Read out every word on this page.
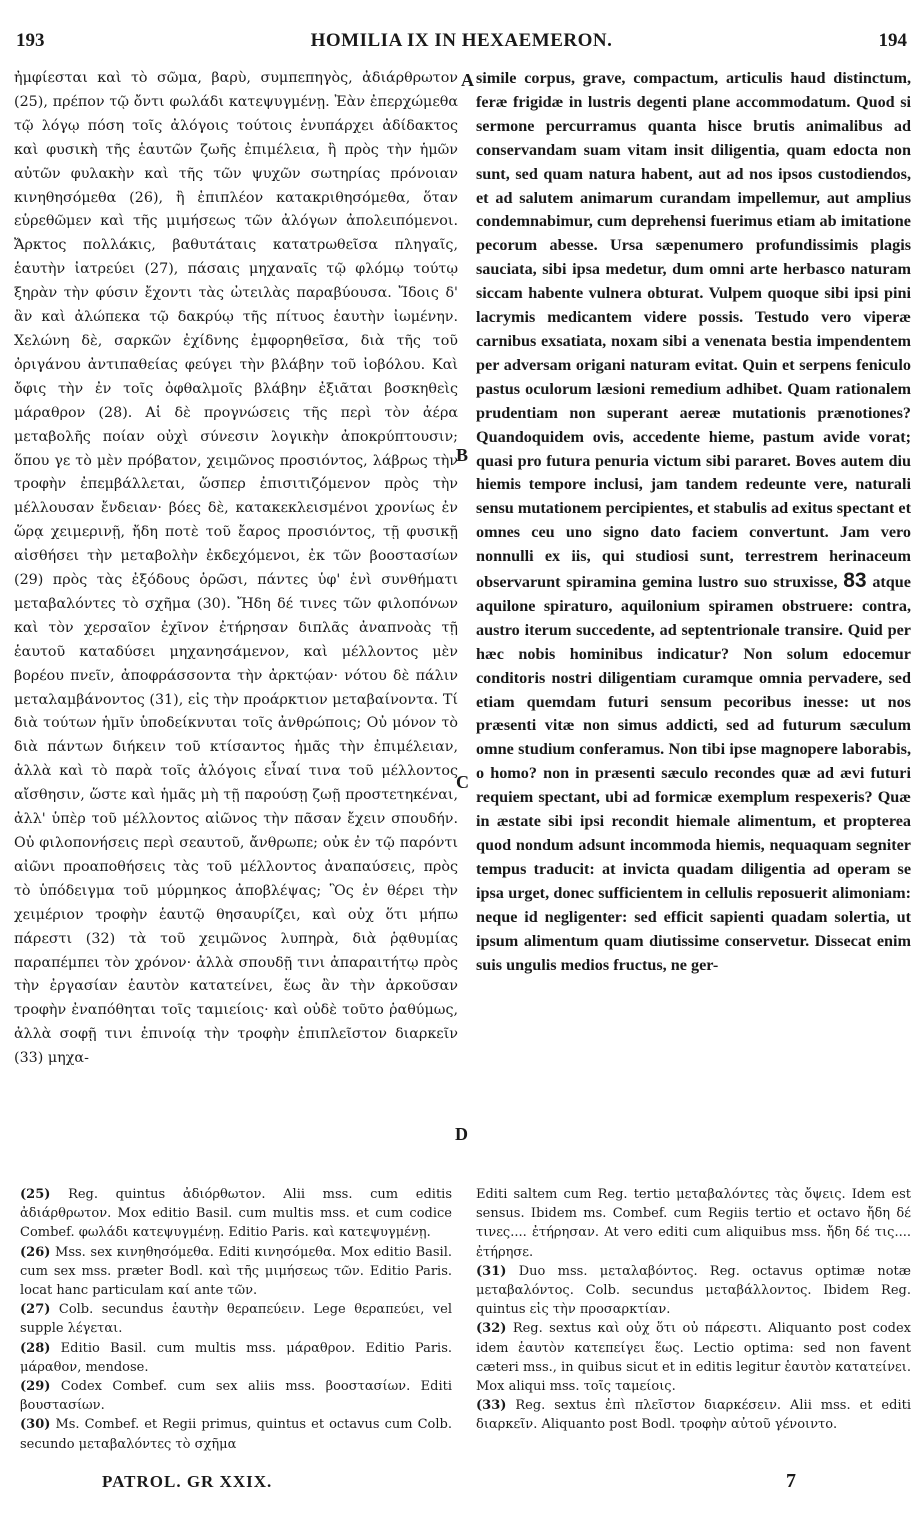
193	HOMILIA IX IN HEXAEMERON.	194
ἠμφίεσται καὶ τὸ σῶμα, βαρὺ, συμπεπηγὸς, ἀδιάρθρωτον (25), πρέπον τῷ ὄντι φωλάδι κατεψυγμένῃ. Ἐὰν ἐπερχώμεθα τῷ λόγῳ πόση τοῖς ἀλόγοις τούτοις ἐνυπάρχει ἀδίδακτος καὶ φυσικὴ τῆς ἑαυτῶν ζωῆς ἐπιμέλεια, ἢ πρὸς τὴν ἡμῶν αὐτῶν φυλακὴν καὶ τῆς τῶν ψυχῶν σωτηρίας πρόνοιαν κινηθησόμεθα (26), ἢ ἐπιπλέον κατακριθησόμεθα, ὅταν εὑρεθῶμεν καὶ τῆς μιμήσεως τῶν ἀλόγων ἀπολειπόμενοι. Ἄρκτος πολλάκις, βαθυτάταις κατατρωθεῖσα πληγαῖς, ἑαυτὴν ἰατρεύει (27), πάσαις μηχαναῖς τῷ φλόμῳ τούτῳ ξηρὰν τὴν φύσιν ἔχοντι τὰς ὠτειλὰς παραβύουσα. Ἴδοις δ' ἂν καὶ ἀλώπεκα τῷ δακρύῳ τῆς πίτυος ἑαυτὴν ἰωμένην. Χελώνη δὲ, σαρκῶν ἐχίδνης ἐμφορηθεῖσα, διὰ τῆς τοῦ ὀριγάνου ἀντιπαθείας φεύγει τὴν βλάβην τοῦ ἰοβόλου. Καὶ ὄφις τὴν ἐν τοῖς ὀφθαλμοῖς βλάβην ἐξιᾶται βοσκηθεὶς μάραθρον (28). Αἱ δὲ προγνώσεις τῆς περὶ τὸν ἀέρα μεταβολῆς ποίαν οὐχὶ σύνεσιν λογικὴν ἀποκρύπτουσιν; ὅπου γε τὸ μὲν πρόβατον, χειμῶνος προσιόντος, λάβρως τὴν τροφὴν ἐπεμβάλλεται, ὥσπερ ἐπισιτιζόμενον πρὸς τὴν μέλλουσαν ἔνδειαν· βόες δὲ, κατακεκλεισμένοι χρονίως ἐν ὥρᾳ χειμερινῇ, ἤδη ποτὲ τοῦ ἔαρος προσιόντος, τῇ φυσικῇ αἰσθήσει τὴν μεταβολὴν ἐκδεχόμενοι, ἐκ τῶν βοοστασίων (29) πρὸς τὰς ἐξόδους ὁρῶσι, πάντες ὑφ' ἑνὶ συνθήματι μεταβαλόντες τὸ σχῆμα (30). Ἤδη δέ τινες τῶν φιλοπόνων καὶ τὸν χερσαῖον ἐχῖνον ἐτήρησαν διπλᾶς ἀναπνοὰς τῇ ἑαυτοῦ καταδύσει μηχανησάμενον, καὶ μέλλοντος μὲν βορέου πνεῖν, ἀποφράσσοντα τὴν ἀρκτῴαν· νότου δὲ πάλιν μεταλαμβάνοντος (31), εἰς τὴν προάρκτιον μεταβαίνοντα. Τί διὰ τούτων ἡμῖν ὑποδείκνυται τοῖς ἀνθρώποις; Οὐ μόνον τὸ διὰ πάντων διήκειν τοῦ κτίσαντος ἡμᾶς τὴν ἐπιμέλειαν, ἀλλὰ καὶ τὸ παρὰ τοῖς ἀλόγοις εἶναί τινα τοῦ μέλλοντος αἴσθησιν, ὥστε καὶ ἡμᾶς μὴ τῇ παρούσῃ ζωῇ προστετηκέναι, ἀλλ' ὑπὲρ τοῦ μέλλοντος αἰῶνος τὴν πᾶσαν ἔχειν σπουδήν. Οὐ φιλοπονήσεις περὶ σεαυτοῦ, ἄνθρωπε; οὐκ ἐν τῷ παρόντι αἰῶνι προαποθήσεις τὰς τοῦ μέλλοντος ἀναπαύσεις, πρὸς τὸ ὑπόδειγμα τοῦ μύρμηκος ἀποβλέψας; Ὃς ἐν θέρει τὴν χειμέριον τροφὴν ἑαυτῷ θησαυρίζει, καὶ οὐχ ὅτι μήπω πάρεστι (32) τὰ τοῦ χειμῶνος λυπηρὰ, διὰ ῥᾳθυμίας παραπέμπει τὸν χρόνον· ἀλλὰ σπουδῇ τινι ἀπαραιτήτῳ πρὸς τὴν ἐργασίαν ἑαυτὸν κατατείνει, ἕως ἂν τὴν ἀρκοῦσαν τροφὴν ἐναπόθηται τοῖς ταμιείοις· καὶ οὐδὲ τοῦτο ῥαθύμως, ἀλλὰ σοφῇ τινι ἐπινοίᾳ τὴν τροφὴν ἐπιπλεῖστον διαρκεῖν (33) μηχα-
simile corpus, grave, compactum, articulis haud distinctum, feræ frigidæ in lustris degenti plane accommodatum. Quod si sermone percurramus quanta hisce brutis animalibus ad conservandam suam vitam insit diligentia, quam edocta non sunt, sed quam natura habent, aut ad nos ipsos custodiendos, et ad salutem animarum curandam impellemur, aut amplius condemnabimur, cum deprehensi fuerimus etiam ab imitatione pecorum abesse. Ursa sæpenumero profundissimis plagis sauciata, sibi ipsa medetur, dum omni arte herbasco naturam siccam habente vulnera obturat. Vulpem quoque sibi ipsi pini lacrymis medicantem videre possis. Testudo vero viperæ carnibus exsatiata, noxam sibi a venenata bestia impendentem per adversam origani naturam evitat. Quin et serpens feniculo pastus oculorum læsioni remedium adhibet. Quam rationalem prudentiam non superant aereæ mutationis prænotiones? Quandoquidem ovis, accedente hieme, pastum avide vorat; quasi pro futura penuria victum sibi pararet. Boves autem diu hiemis tempore inclusi, jam tandem redeunte vere, naturali sensu mutationem percipientes, et stabulis ad exitus spectant et omnes ceu uno signo dato faciem convertunt. Jam vero nonnulli ex iis, qui studiosi sunt, terrestrem herinaceum observarunt spiramina gemina lustro suo struxisse, 83 atque aquilone spiraturo, aquilonium spiramen obstruere: contra, austro iterum succedente, ad septentrionale transire. Quid per hæc nobis hominibus indicatur? Non solum edocemur conditoris nostri diligentiam curamque omnia pervadere, sed etiam quemdam futuri sensum pecoribus inesse: ut nos præsenti vitæ non simus addicti, sed ad futurum sæculum omne studium conferamus. Non tibi ipse magnopere laborabis, o homo? non in præsenti sæculo recondes quæ ad ævi futuri requiem spectant, ubi ad formicæ exemplum respexeris? Quæ in æstate sibi ipsi recondit hiemale alimentum, et propterea quod nondum adsunt incommoda hiemis, nequaquam segniter tempus traducit: at invicta quadam diligentia ad operam se ipsa urget, donec sufficientem in cellulis reposuerit alimoniam: neque id negligenter: sed efficit sapienti quadam solertia, ut ipsum alimentum quam diutissime conservetur. Dissecat enim suis ungulis medios fructus, ne ger-
A
B
C
D

(25) Reg. quintus ἀδιόρθωτον. Alii mss. cum editis ἀδιάρθρωτον. Mox editio Basil. cum multis mss. et cum codice Combef. φωλάδι κατεψυγμένῃ. Editio Paris. καὶ κατεψυγμένῃ.

(26) Mss. sex κινηθησόμεθα. Editi κινησόμεθα. Mox editio Basil. cum sex mss. præter Bodl. καὶ τῆς μιμήσεως τῶν. Editio Paris. locat hanc particulam καί ante τῶν.

(27) Colb. secundus ἑαυτὴν θεραπεύειν. Lege θεραπεύει, vel supple λέγεται.

(28) Editio Basil. cum multis mss. μάραθρον. Editio Paris. μάραθον, mendose.

(29) Codex Combef. cum sex aliis mss. βοοστασίων. Editi βουστασίων.

(30) Ms. Combef. et Regii primus, quintus et octavus cum Colb. secundo μεταβαλόντες τὸ σχῆμα

Editi saltem cum Reg. tertio μεταβαλόντες τὰς ὄψεις. Idem est sensus. Ibidem ms. Combef. cum Regiis tertio et octavo ἤδη δέ τινες.... ἐτήρησαν. At vero editi cum aliquibus mss. ἤδη δέ τις.... ἐτήρησε.

(31) Duo mss. μεταλαβόντος. Reg. octavus optimæ notæ μεταβαλόντος. Colb. secundus μεταβάλλοντος. Ibidem Reg. quintus εἰς τὴν προσαρκτίαν.

(32) Reg. sextus καὶ οὐχ ὅτι οὐ πάρεστι. Aliquanto post codex idem ἑαυτὸν κατεπείγει ἕως. Lectio optima: sed non favent cæteri mss., in quibus sicut et in editis legitur ἑαυτὸν κατατείνει. Mox aliqui mss. τοῖς ταμείοις.

(33) Reg. sextus ἐπὶ πλεῖστον διαρκέσειν. Alii mss. et editi διαρκεῖν. Aliquanto post Bodl. τροφὴν αὐτοῦ γένοιντο.

PATROL. GR XXIX.	7
